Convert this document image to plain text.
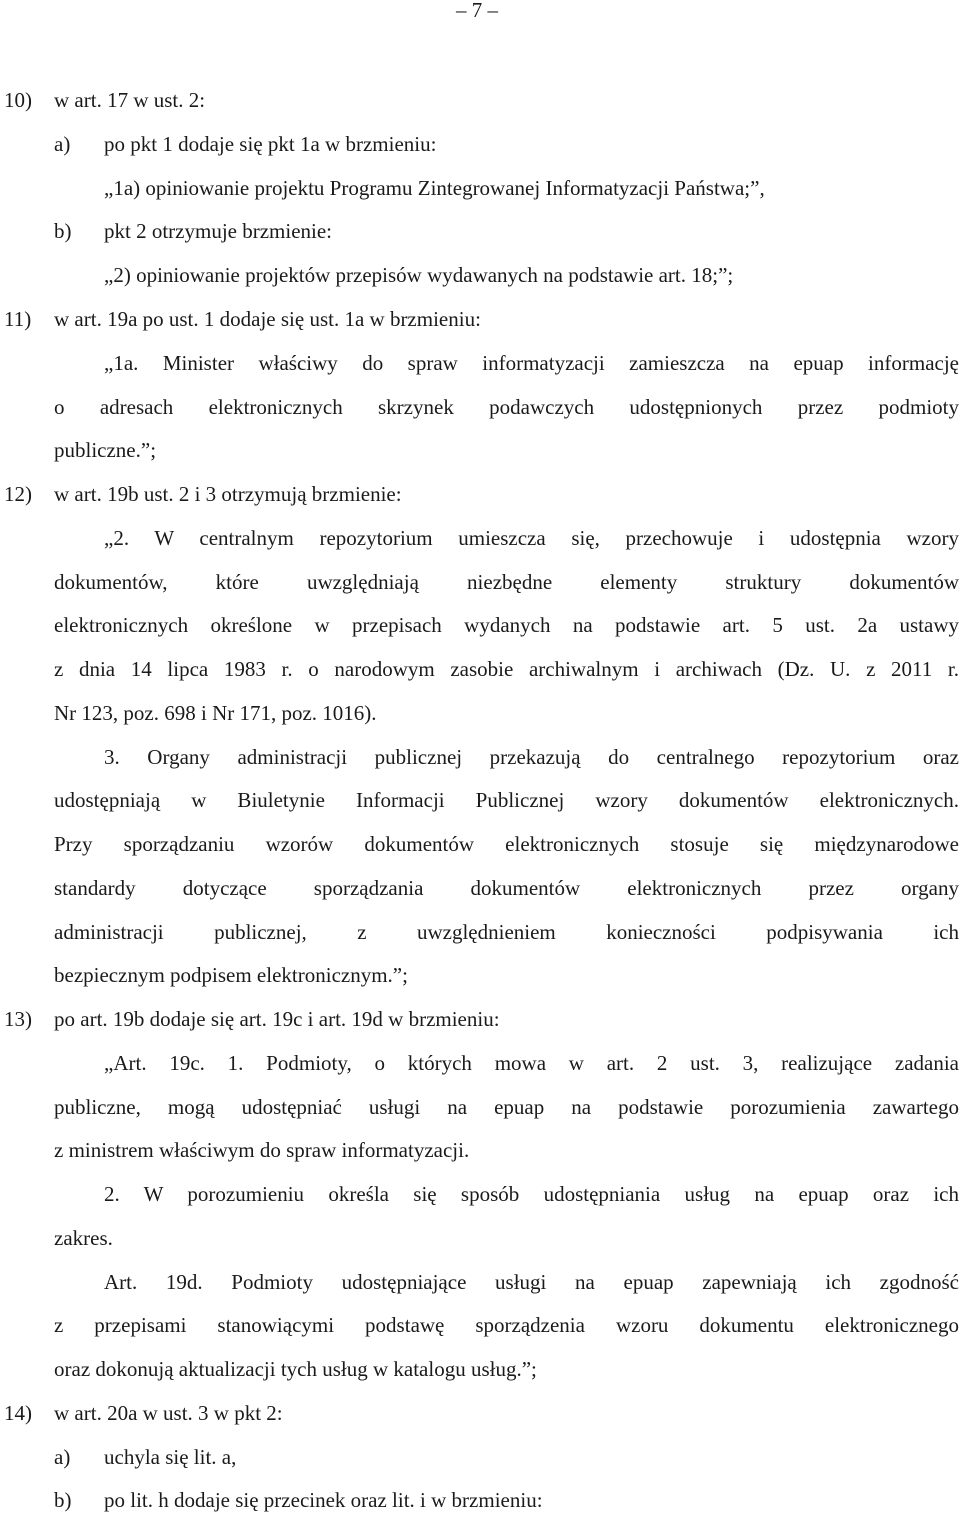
– 7 –
10) w art. 17 w ust. 2:
a) po pkt 1 dodaje się pkt 1a w brzmieniu:
„1a) opiniowanie projektu Programu Zintegrowanej Informatyzacji Państwa;”,
b) pkt 2 otrzymuje brzmienie:
„2) opiniowanie projektów przepisów wydawanych na podstawie art. 18;”;
11) w art. 19a po ust. 1 dodaje się ust. 1a w brzmieniu:
„1a. Minister właściwy do spraw informatyzacji zamieszcza na epuap informację
o adresach elektronicznych skrzynek podawczych udostępnionych przez podmioty
publiczne.”;
12) w art. 19b ust. 2 i 3 otrzymują brzmienie:
„2. W centralnym repozytorium umieszcza się, przechowuje i udostępnia wzory
dokumentów, które uwzględniają niezbędne elementy struktury dokumentów
elektronicznych określone w przepisach wydanych na podstawie art. 5 ust. 2a ustawy
z dnia 14 lipca 1983 r. o narodowym zasobie archiwalnym i archiwach (Dz. U. z 2011 r.
Nr 123, poz. 698 i Nr 171, poz. 1016).
3. Organy administracji publicznej przekazują do centralnego repozytorium oraz
udostępniają w Biuletynie Informacji Publicznej wzory dokumentów elektronicznych.
Przy sporządzaniu wzorów dokumentów elektronicznych stosuje się międzynarodowe
standardy dotyczące sporządzania dokumentów elektronicznych przez organy
administracji publicznej, z uwzględnieniem konieczności podpisywania ich
bezpiecznym podpisem elektronicznym.”;
13) po art. 19b dodaje się art. 19c i art. 19d w brzmieniu:
„Art. 19c. 1. Podmioty, o których mowa w art. 2 ust. 3, realizujące zadania
publiczne, mogą udostępniać usługi na epuap na podstawie porozumienia zawartego
z ministrem właściwym do spraw informatyzacji.
2. W porozumieniu określa się sposób udostępniania usług na epuap oraz ich
zakres.
Art. 19d. Podmioty udostępniające usługi na epuap zapewniają ich zgodność
z przepisami stanowiącymi podstawę sporządzenia wzoru dokumentu elektronicznego
oraz dokonują aktualizacji tych usług w katalogu usług.”;
14) w art. 20a w ust. 3 w pkt 2:
a) uchyla się lit. a,
b) po lit. h dodaje się przecinek oraz lit. i w brzmieniu:
